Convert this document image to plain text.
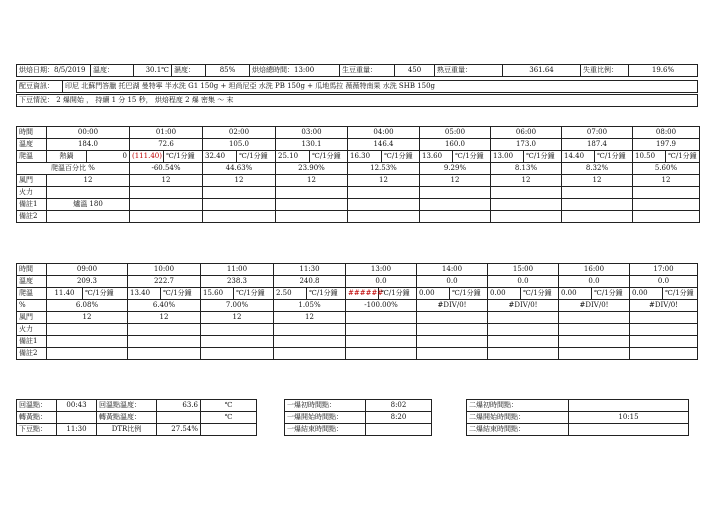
烘焙日期：8/5/2019	溫度：	30.1℃	濕度：	85%	烘焙總時間：13:00	生豆重量：	450	熟豆重量：	361.64	失重比例：	19.6%
配豆資訊：	印尼 北蘇門答臘 托巴湖 曼特寧 半水洗 G1 150g + 坦尚尼亞 水洗 PB 150g + 瓜地馬拉 薇薇特南果 水洗 SHB 150g
下豆情況： 2 爆開始 ， 持續 1 分 15 秒， 烘焙程度 2 爆 密集 ～ 末
時間	00:00		01:00		02:00		03:00		04:00		05:00		06:00		07:00		08:00	
溫度	184.0		72.6		105.0		130.1		146.4		160.0		173.0		187.4		197.9	
爬溫	熱鍋	0	(111.40)	℃/1分鐘	32.40	℃/1分鐘	25.10	℃/1分鐘	16.30	℃/1分鐘	13.60	℃/1分鐘	13.00	℃/1分鐘	14.40	℃/1分鐘	10.50	℃/1分鐘
爬溫百分比 %			-60.54%		44.63%		23.90%		12.53%		9.29%		8.13%		8.32%		5.60%	
風門	12		12		12		12		12		12		12		12		12	
火力																		
備註1	爐溫 180																	
備註2																		
時間	09:00		10:00		11:00		11:30		13:00		14:00		15:00		16:00		17:00	
溫度	209.3		222.7		238.3		240.8		0.0		0.0		0.0		0.0		0.0	
爬溫	11.40	℃/1分鐘	13.40	℃/1分鐘	15.60	℃/1分鐘	2.50	℃/1分鐘	######	℃/1分鐘	0.00	℃/1分鐘	0.00	℃/1分鐘	0.00	℃/1分鐘	0.00	℃/1分鐘
%	6.08%		6.40%		7.00%		1.05%		-100.00%		#DIV/0!		#DIV/0!		#DIV/0!		#DIV/0!	
風門	12		12		12		12											
火力																		
備註1																		
備註2																		
回溫點：	00:43	回溫點溫度：	63.6	℃
轉黃點：		轉黃點溫度：		℃
下豆點：	11:30	DTR比例	27.54%	
一爆初時間點：	8:02
一爆開始時間點：	8:20
一爆結束時間點：	
二爆初時間點：	
二爆開始時間點：	10:15
二爆結束時間點：	
